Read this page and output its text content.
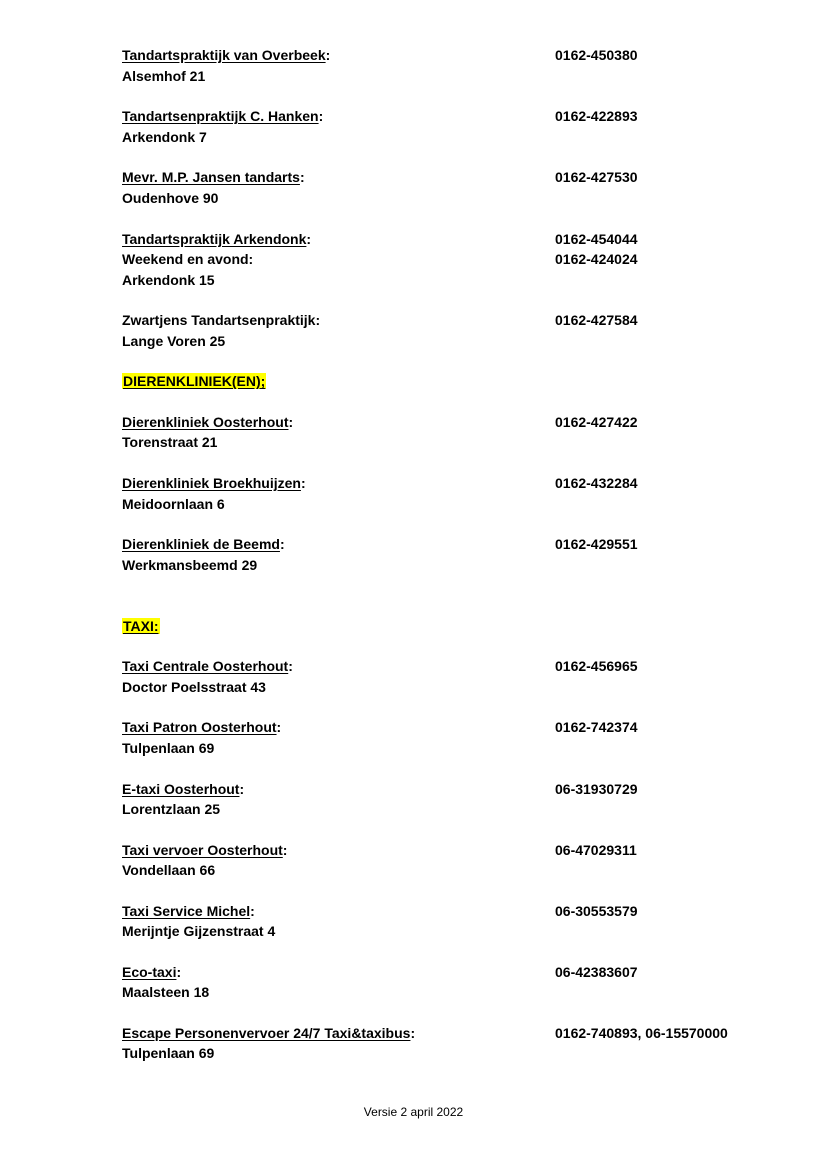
Tandartspraktijk van Overbeek:	0162-450380
Alsemhof 21
Tandartsenpraktijk C. Hanken:	0162-422893
Arkendonk 7
Mevr. M.P. Jansen tandarts:	0162-427530
Oudenhove 90
Tandartspraktijk Arkendonk:	0162-454044
Weekend en avond:	0162-424024
Arkendonk 15
Zwartjens Tandartsenpraktijk:	0162-427584
Lange Voren 25
DIERENKLINIEK(EN);
Dierenkliniek Oosterhout:	0162-427422
Torenstraat 21
Dierenkliniek Broekhuijzen:	0162-432284
Meidoornlaan 6
Dierenkliniek de Beemd:	0162-429551
Werkmansbeemd 29
TAXI:
Taxi Centrale Oosterhout:	0162-456965
Doctor Poelsstraat 43
Taxi Patron Oosterhout:	0162-742374
Tulpenlaan 69
E-taxi Oosterhout:	06-31930729
Lorentzlaan 25
Taxi vervoer Oosterhout:	06-47029311
Vondellaan 66
Taxi Service Michel:	06-30553579
Merijntje Gijzenstraat 4
Eco-taxi:	06-42383607
Maalsteen 18
Escape Personenvervoer 24/7 Taxi&taxibus:	0162-740893, 06-15570000
Tulpenlaan 69
Versie 2 april 2022
